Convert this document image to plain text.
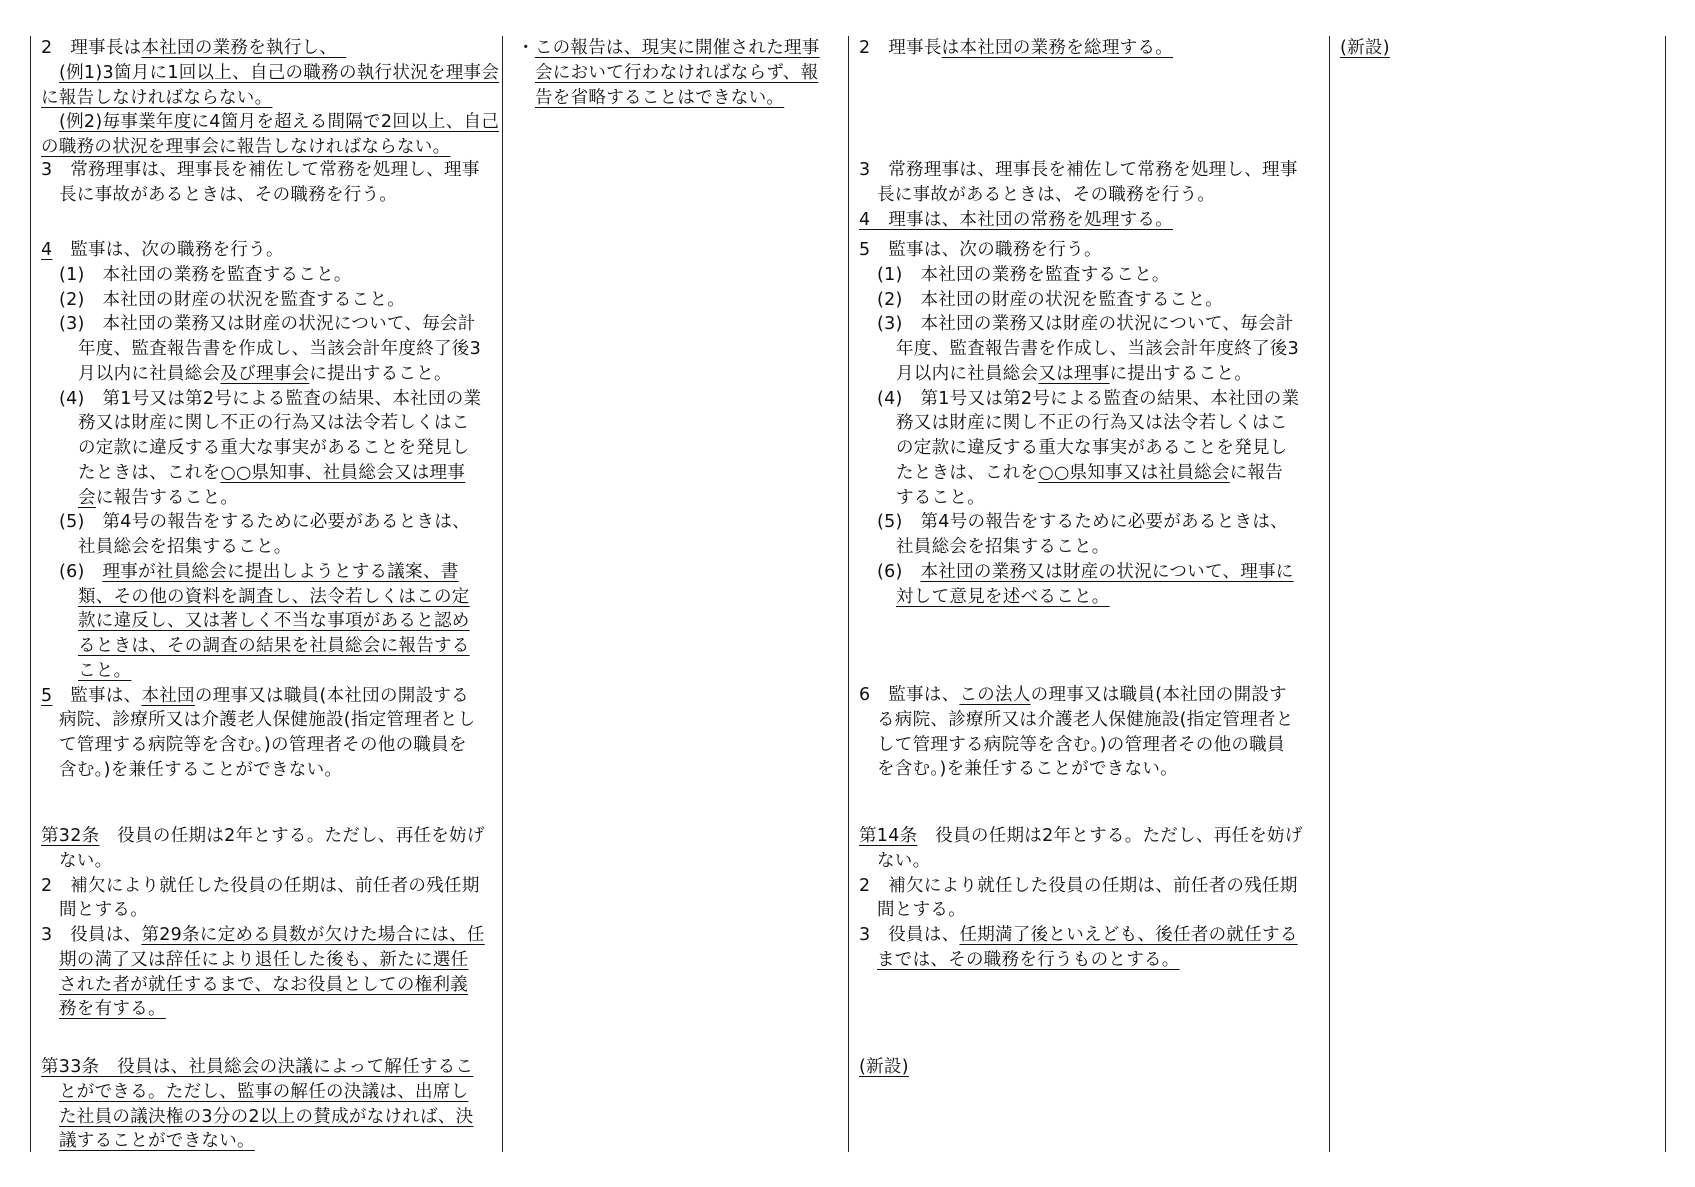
2　理事長は本社団の業務を執行し、　
(例1)3箇月に1回以上、自己の職務の執行状況を理事会
に報告しなければならない。
(例2)毎事業年度に4箇月を超える間隔で2回以上、自己
の職務の状況を理事会に報告しなければならない。
3　常務理事は、理事長を補佐して常務を処理し、理事
長に事故があるときは、その職務を行う。
4　監事は、次の職務を行う。
(1)　本社団の業務を監査すること。
(2)　本社団の財産の状況を監査すること。
(3)　本社団の業務又は財産の状況について、毎会計
年度、監査報告書を作成し、当該会計年度終了後3
月以内に社員総会及び理事会に提出すること。
(4)　第1号又は第2号による監査の結果、本社団の業
務又は財産に関し不正の行為又は法令若しくはこ
の定款に違反する重大な事実があることを発見し
たときは、これを○○県知事、社員総会又は理事
会に報告すること。
(5)　第4号の報告をするために必要があるときは、
社員総会を招集すること。
(6)　理事が社員総会に提出しようとする議案、書
類、その他の資料を調査し、法令若しくはこの定
款に違反し、又は著しく不当な事項があると認め
るときは、その調査の結果を社員総会に報告する
こと。
5　監事は、本社団の理事又は職員(本社団の開設する
病院、診療所又は介護老人保健施設(指定管理者とし
て管理する病院等を含む。)の管理者その他の職員を
含む。)を兼任することができない。
第32条　役員の任期は2年とする。ただし、再任を妨げ
ない。
2　補欠により就任した役員の任期は、前任者の残任期
間とする。
3　役員は、第29条に定める員数が欠けた場合には、任
期の満了又は辞任により退任した後も、新たに選任
された者が就任するまで、なお役員としての権利義
務を有する。
第33条　役員は、社員総会の決議によって解任するこ
とができる。ただし、監事の解任の決議は、出席し
た社員の議決権の3分の2以上の賛成がなければ、決
議することができない。
・この報告は、現実に開催された理事
会において行わなければならず、報
告を省略することはできない。
2　理事長は本社団の業務を総理する。
3　常務理事は、理事長を補佐して常務を処理し、理事
長に事故があるときは、その職務を行う。
4　理事は、本社団の常務を処理する。
5　監事は、次の職務を行う。
(1)　本社団の業務を監査すること。
(2)　本社団の財産の状況を監査すること。
(3)　本社団の業務又は財産の状況について、毎会計
年度、監査報告書を作成し、当該会計年度終了後3
月以内に社員総会又は理事に提出すること。
(4)　第1号又は第2号による監査の結果、本社団の業
務又は財産に関し不正の行為又は法令若しくはこ
の定款に違反する重大な事実があることを発見し
たときは、これを○○県知事又は社員総会に報告
すること。
(5)　第4号の報告をするために必要があるときは、
社員総会を招集すること。
(6)　本社団の業務又は財産の状況について、理事に
対して意見を述べること。
6　監事は、この法人の理事又は職員(本社団の開設す
る病院、診療所又は介護老人保健施設(指定管理者と
して管理する病院等を含む。)の管理者その他の職員
を含む。)を兼任することができない。
第14条　役員の任期は2年とする。ただし、再任を妨げ
ない。
2　補欠により就任した役員の任期は、前任者の残任期
間とする。
3　役員は、任期満了後といえども、後任者の就任する
までは、その職務を行うものとする。
(新設)
(新設)
